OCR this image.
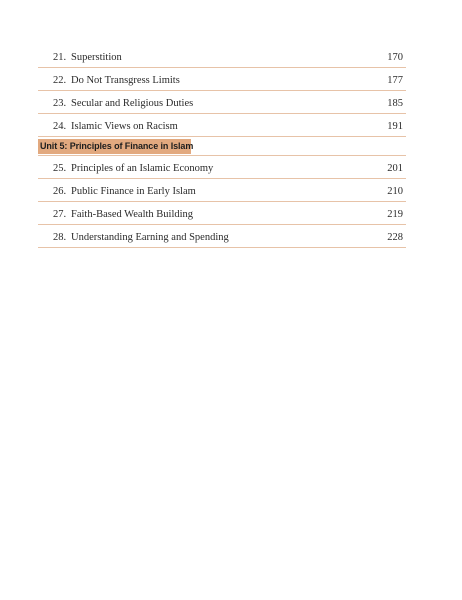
21. Superstition	170
22. Do Not Transgress Limits	177
23. Secular and Religious Duties	185
24. Islamic Views on Racism	191
Unit 5: Principles of Finance in Islam
25. Principles of an Islamic Economy	201
26. Public Finance in Early Islam	210
27. Faith-Based Wealth Building	219
28. Understanding Earning and Spending	228
